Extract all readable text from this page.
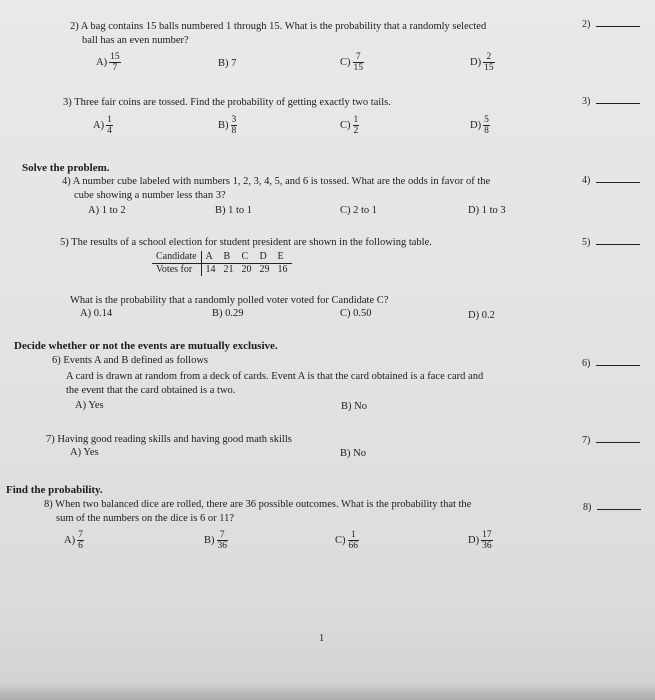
2) A bag contains 15 balls numbered 1 through 15. What is the probability that a randomly selected
ball has an even number?
2)
$A) \frac{15}{7}$	B) 7	$C) \frac{7}{15}$	$D) \frac{2}{15}$
3) Three fair coins are tossed. Find the probability of getting exactly two tails.	3)
$A) \frac{1}{4}$	$B) \frac{3}{8}$	$C) \frac{1}{2}$	$D) \frac{5}{8}$
Solve the problem.
4) A number cube labeled with numbers 1, 2, 3, 4, 5, and 6 is tossed. What are the odds in favor of the
cube showing a number less than 3?
4)
A) 1 to 2	B) 1 to 1	C) 2 to 1	D) 1 to 3
5) The results of a school election for student president are shown in the following table.	5)
Candidate	A	B	C	D	E
Votes for	14	21	20	29	16
What is the probability that a randomly polled voter voted for Candidate C?
A) 0.14	B) 0.29	C) 0.50	D) 0.2
Decide whether or not the events are mutually exclusive.
6) Events A and B defined as follows
A card is drawn at random from a deck of cards. Event A is that the card obtained is a face card and
the event that the card obtained is a two.
6)
A) Yes	B) No
7) Having good reading skills and having good math skills	7)
A) Yes	B) No
Find the probability.
8) When two balanced dice are rolled, there are 36 possible outcomes. What is the probability that the
sum of the numbers on the dice is 6 or 11?
8)
$A) \frac{7}{6}$	$B) \frac{7}{36}$	$C) \frac{1}{66}$	$D) \frac{17}{36}$
1
